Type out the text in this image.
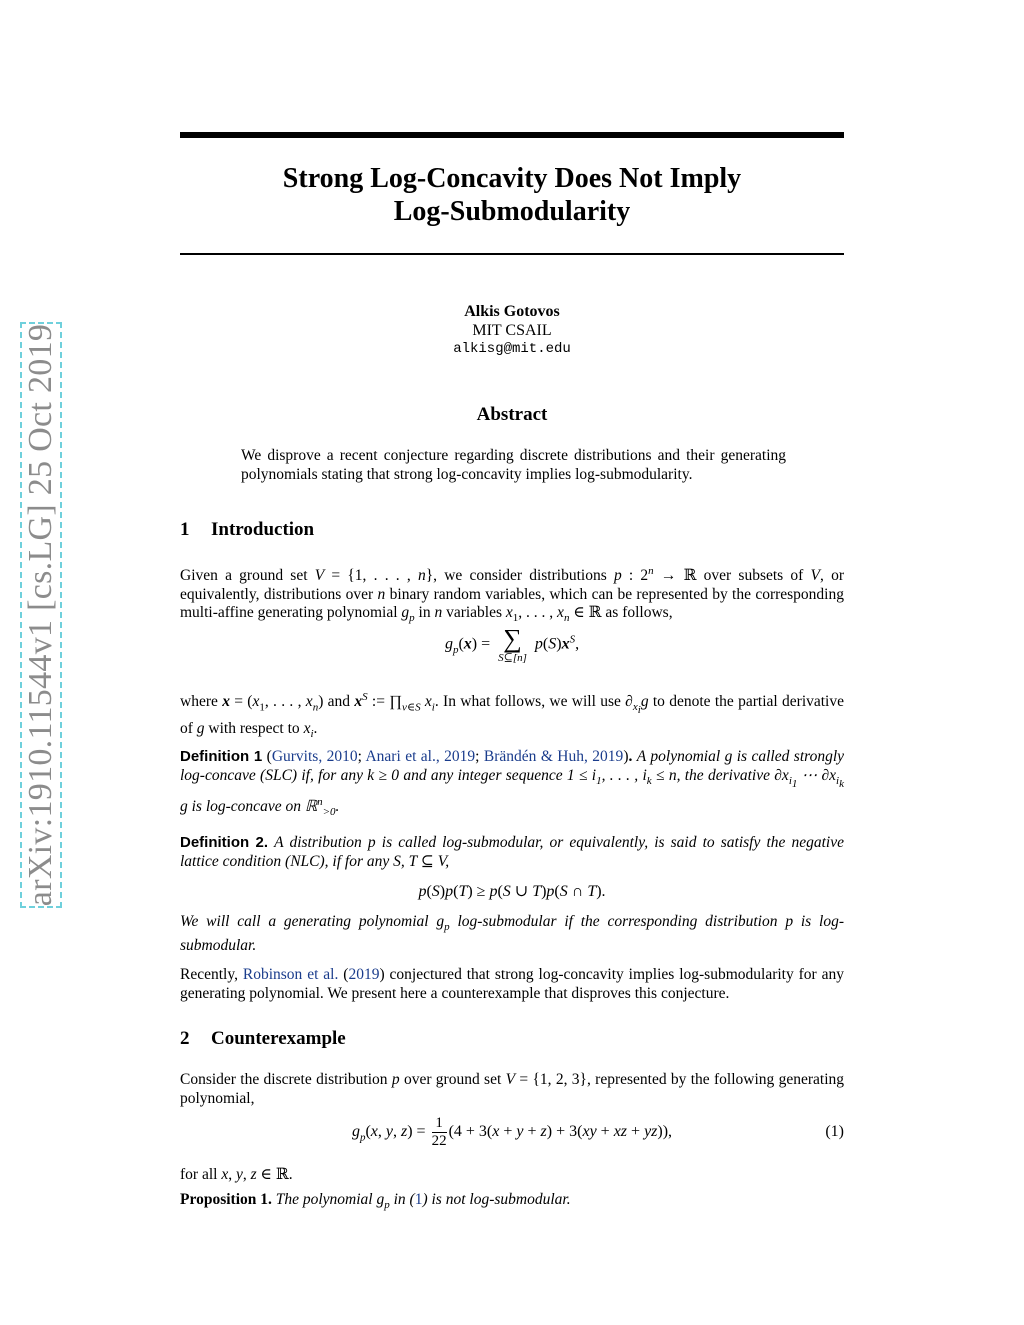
arXiv:1910.11544v1 [cs.LG] 25 Oct 2019
Strong Log-Concavity Does Not Imply
Log-Submodularity
Alkis Gotovos
MIT CSAIL
alkisg@mit.edu
Abstract
We disprove a recent conjecture regarding discrete distributions and their generating polynomials stating that strong log-concavity implies log-submodularity.
1 Introduction
Given a ground set V = {1, . . . , n}, we consider distributions p : $2^n$ → ℝ over subsets of V, or equivalently, distributions over n binary random variables, which can be represented by the corresponding multi-affine generating polynomial $g_p$ in n variables $x_1$, . . . , $x_n$ ∈ ℝ as follows,
$g_p(x)$ = ∑
S⊆[n]
$p(S)x^S$,
where $x = (x_1$, . . . , $x_n$) and $x^S$ := $\prod_{v\in S}$ $x_i$. In what follows, we will use $\partial_{x_i}g$ to denote the partial derivative of g with respect to $x_i$.
Definition 1 (Gurvits, 2010; Anari et al., 2019; Brändén & Huh, 2019). A polynomial g is called strongly log-concave (SLC) if, for any k ≥ 0 and any integer sequence $1 \le i_1$, . . . , $i_k \le n$, the derivative $\partial x_{i_1}$ ⋯ $\partial x_{i_k}$ g is log-concave on ℝ$^n_{>0}$.
Definition 2. A distribution p is called log-submodular, or equivalently, is said to satisfy the negative lattice condition (NLC), if for any S, T ⊆ V,
p(S)p(T) ≥ p(S ∪ T)p(S ∩ T).
We will call a generating polynomial $g_p$ log-submodular if the corresponding distribution p is log-submodular.
Recently, Robinson et al. (2019) conjectured that strong log-concavity implies log-submodularity for any generating polynomial. We present here a counterexample that disproves this conjecture.
2 Counterexample
Consider the discrete distribution p over ground set V = {1, 2, 3}, represented by the following generating polynomial,
$g_p(x$, y, $z) = \frac{1}{22} (4 + 3(x + y + z) + 3(xy$ + xz + yz)),	(1)
for all x, y, z ∈ ℝ.
Proposition 1. The polynomial $g_p$ in (1) is not log-submodular.
